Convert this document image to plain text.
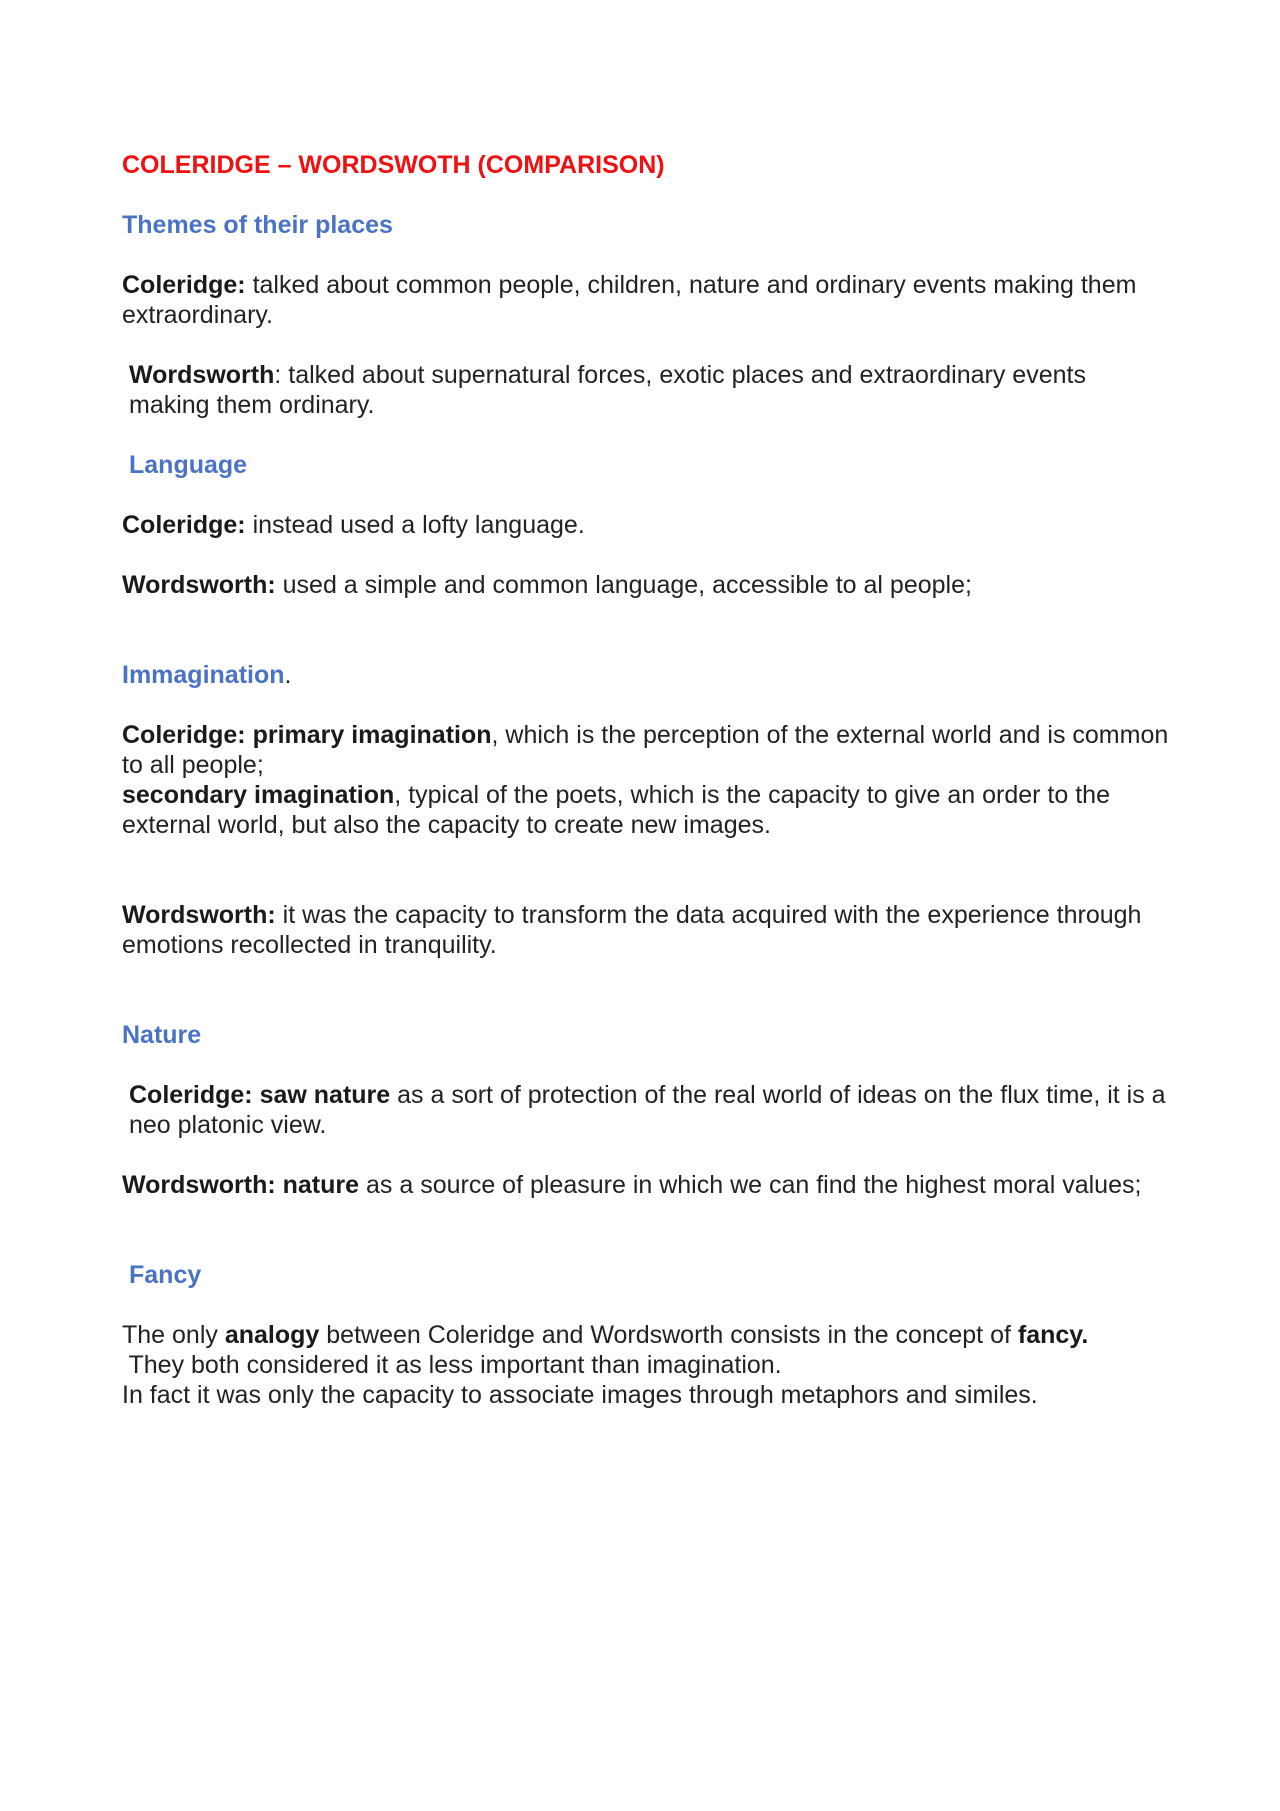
COLERIDGE – WORDSWOTH (COMPARISON)
Themes of their places
Coleridge: talked about common people, children, nature and ordinary events making them extraordinary.
Wordsworth: talked about supernatural forces, exotic places and extraordinary events making them ordinary.
Language
Coleridge: instead used a lofty language.
Wordsworth: used a simple and common language, accessible to al people;
Immagination.
Coleridge: primary imagination, which is the perception of the external world and is common to all people;
secondary imagination, typical of the poets, which is the capacity to give an order to the external world, but also the capacity to create new images.
Wordsworth: it was the capacity to transform the data acquired with the experience through emotions recollected in tranquility.
Nature
Coleridge: saw nature as a sort of protection of the real world of ideas on the flux time, it is a neo platonic view.
Wordsworth: nature as a source of pleasure in which we can find the highest moral values;
Fancy
The only analogy between Coleridge and Wordsworth consists in the concept of fancy.
They both considered it as less important than imagination.
In fact it was only the capacity to associate images through metaphors and similes.
